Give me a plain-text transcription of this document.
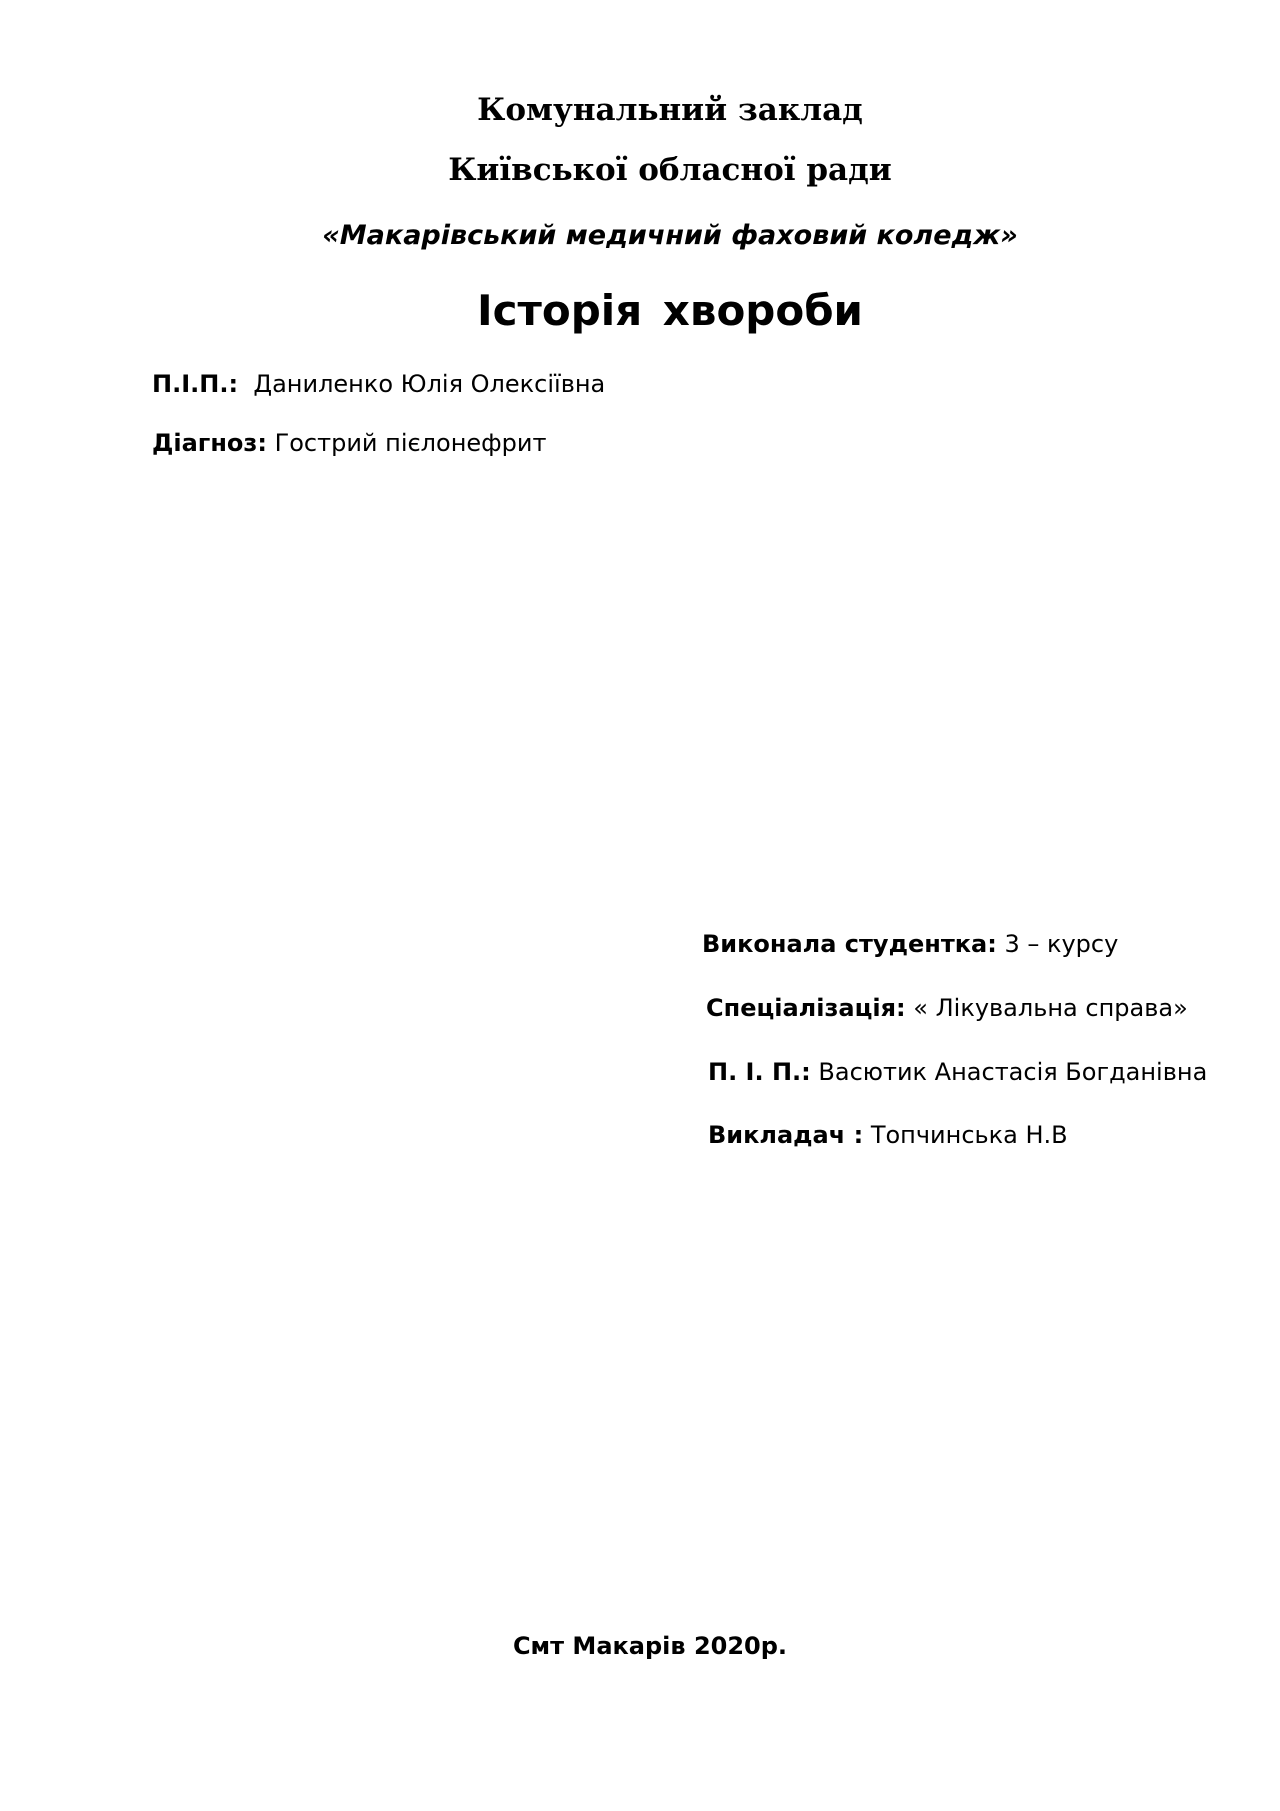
Комунальний заклад
Київської обласної ради
«Макарівський медичний фаховий коледж»
Історія хвороби
П.І.П.: Даниленко Юлія Олексіївна
Діагноз: Гострий пієлонефрит
Виконала студентка: 3 – курсу
Спеціалізація: « Лікувальна справа»
П. І. П.: Васютик Анастасія Богданівна
Викладач : Топчинська Н.В
Смт Макарів 2020р.
